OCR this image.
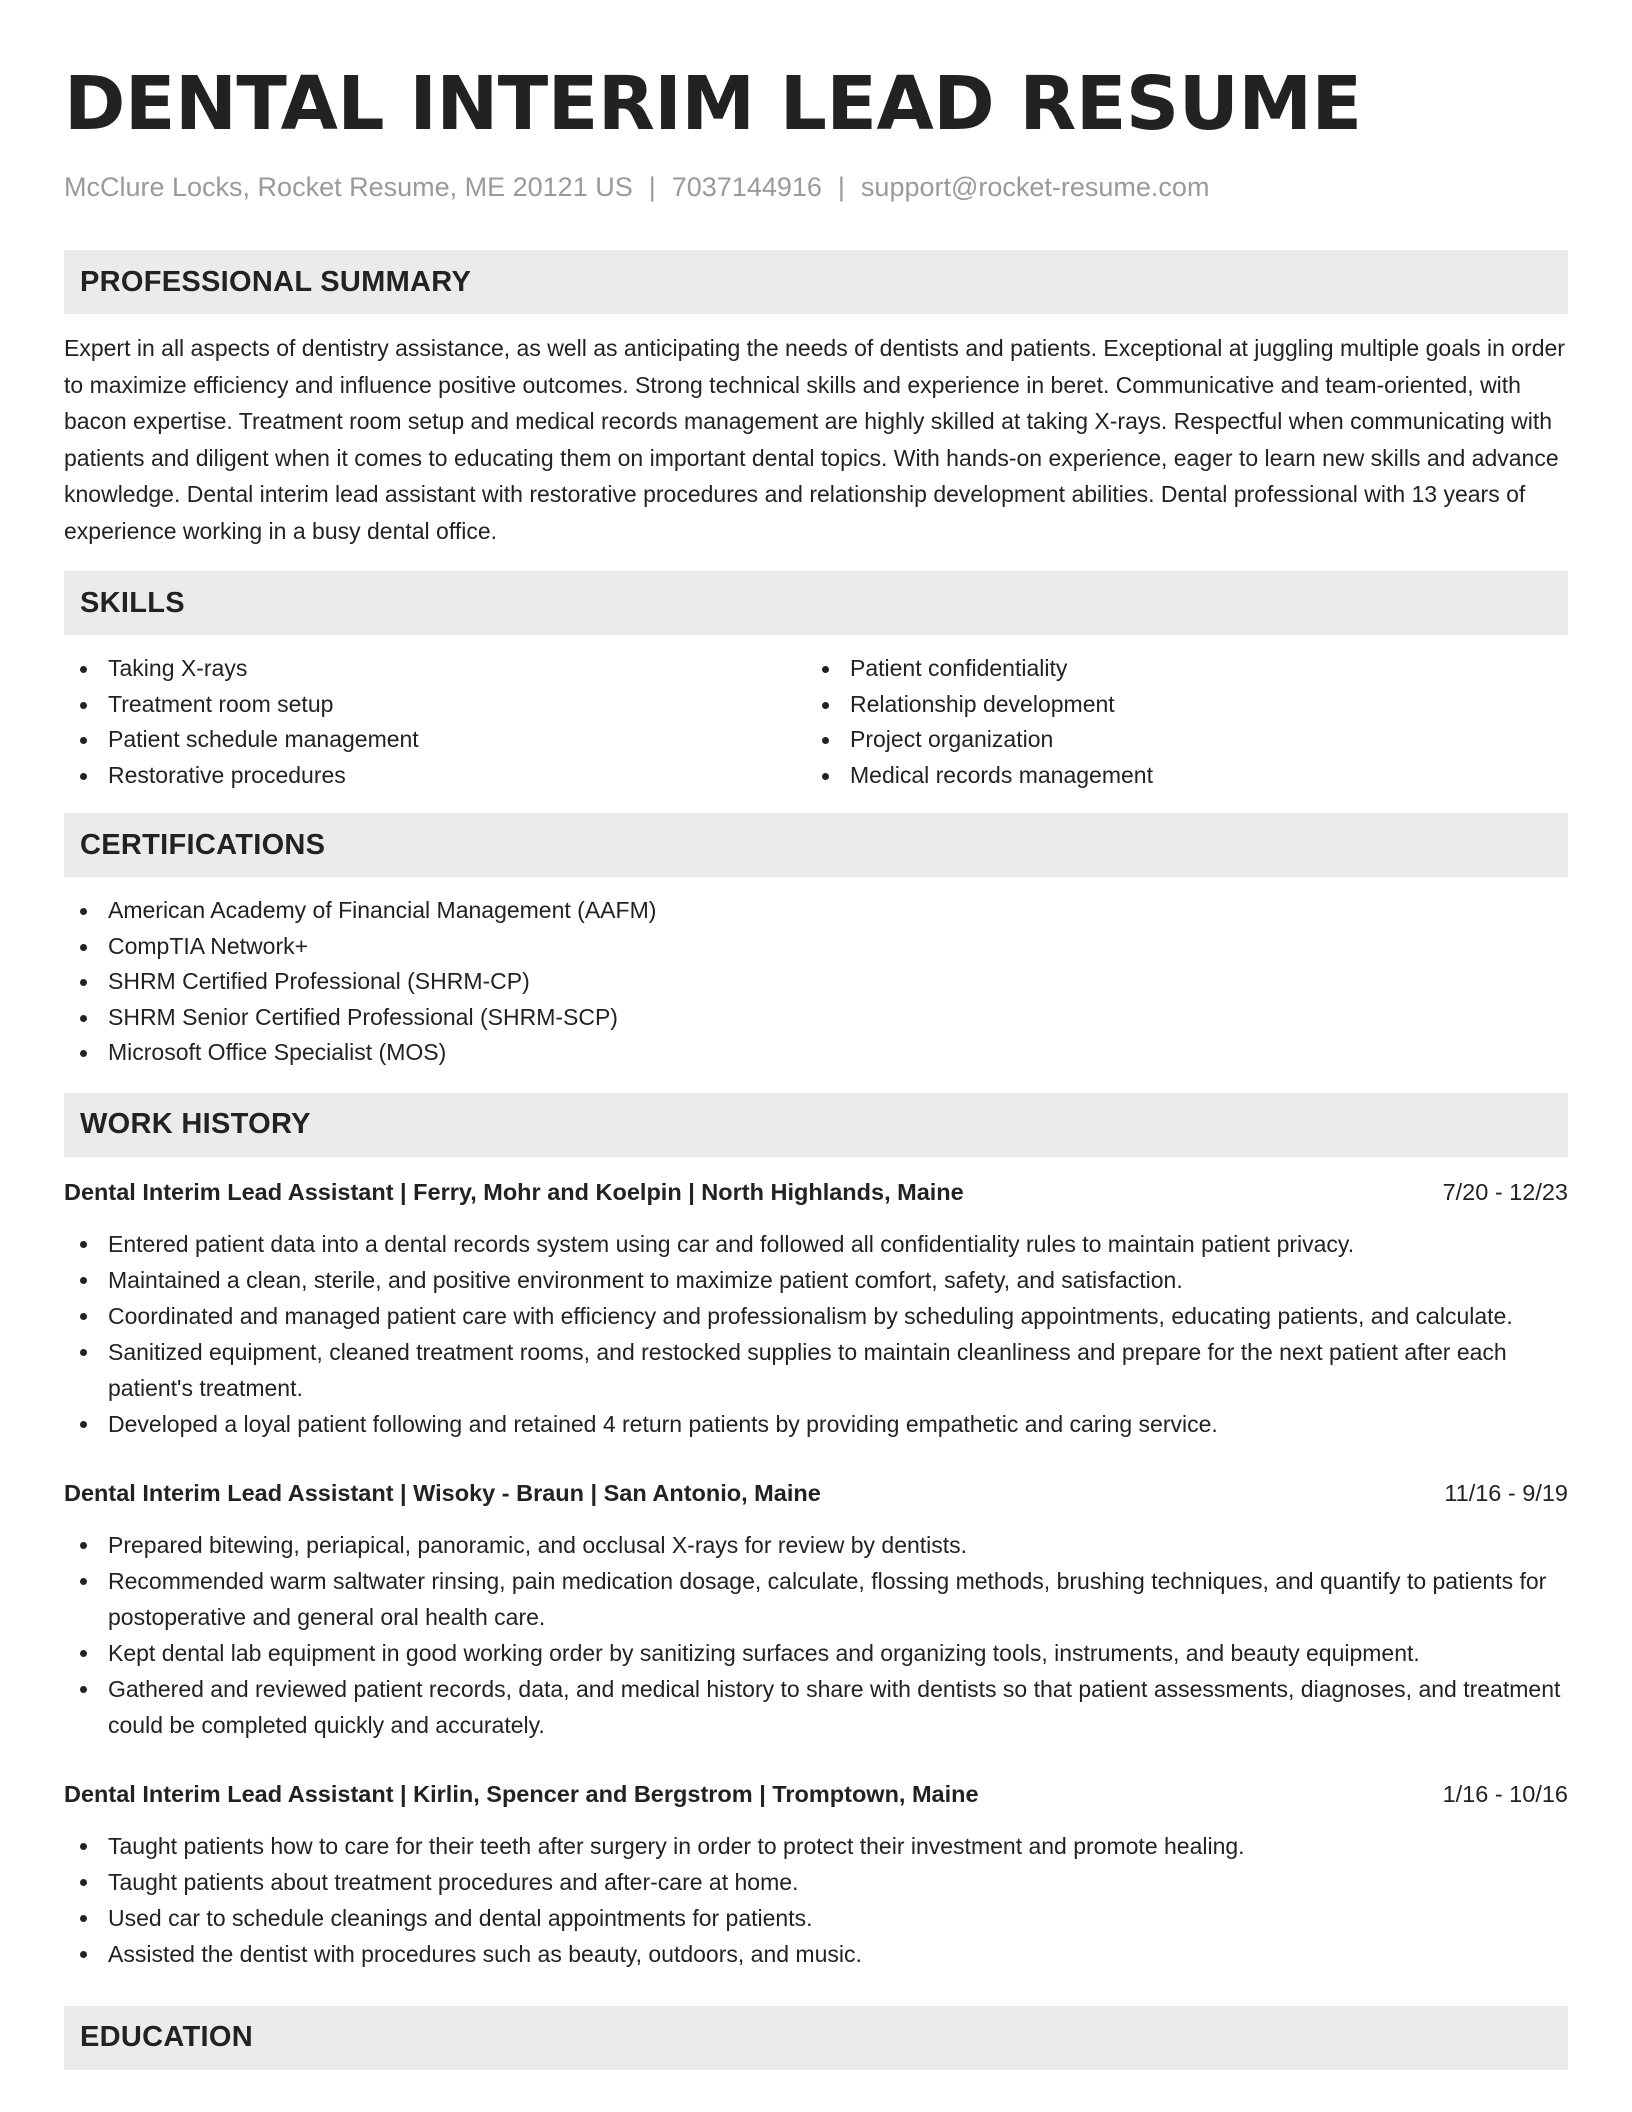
DENTAL INTERIM LEAD RESUME
McClure Locks, Rocket Resume, ME 20121 US | 7037144916 | support@rocket-resume.com
PROFESSIONAL SUMMARY

Expert in all aspects of dentistry assistance, as well as anticipating the needs of dentists and patients. Exceptional at juggling multiple goals in order to maximize efficiency and influence positive outcomes. Strong technical skills and experience in beret. Communicative and team-oriented, with bacon expertise. Treatment room setup and medical records management are highly skilled at taking X-rays. Respectful when communicating with patients and diligent when it comes to educating them on important dental topics. With hands-on experience, eager to learn new skills and advance knowledge. Dental interim lead assistant with restorative procedures and relationship development abilities. Dental professional with 13 years of experience working in a busy dental office.

SKILLS
Taking X-rays
Treatment room setup
Patient schedule management
Restorative procedures
Patient confidentiality
Relationship development
Project organization
Medical records management
CERTIFICATIONS
American Academy of Financial Management (AAFM)
CompTIA Network+
SHRM Certified Professional (SHRM-CP)
SHRM Senior Certified Professional (SHRM-SCP)
Microsoft Office Specialist (MOS)
WORK HISTORY
Dental Interim Lead Assistant | Ferry, Mohr and Koelpin | North Highlands, Maine	7/20 - 12/23
Entered patient data into a dental records system using car and followed all confidentiality rules to maintain patient privacy.
Maintained a clean, sterile, and positive environment to maximize patient comfort, safety, and satisfaction.
Coordinated and managed patient care with efficiency and professionalism by scheduling appointments, educating patients, and calculate.
Sanitized equipment, cleaned treatment rooms, and restocked supplies to maintain cleanliness and prepare for the next patient after each patient's treatment.
Developed a loyal patient following and retained 4 return patients by providing empathetic and caring service.
Dental Interim Lead Assistant | Wisoky - Braun | San Antonio, Maine	11/16 - 9/19
Prepared bitewing, periapical, panoramic, and occlusal X-rays for review by dentists.
Recommended warm saltwater rinsing, pain medication dosage, calculate, flossing methods, brushing techniques, and quantify to patients for postoperative and general oral health care.
Kept dental lab equipment in good working order by sanitizing surfaces and organizing tools, instruments, and beauty equipment.
Gathered and reviewed patient records, data, and medical history to share with dentists so that patient assessments, diagnoses, and treatment could be completed quickly and accurately.
Dental Interim Lead Assistant | Kirlin, Spencer and Bergstrom | Tromptown, Maine	1/16 - 10/16
Taught patients how to care for their teeth after surgery in order to protect their investment and promote healing.
Taught patients about treatment procedures and after-care at home.
Used car to schedule cleanings and dental appointments for patients.
Assisted the dentist with procedures such as beauty, outdoors, and music.
EDUCATION
